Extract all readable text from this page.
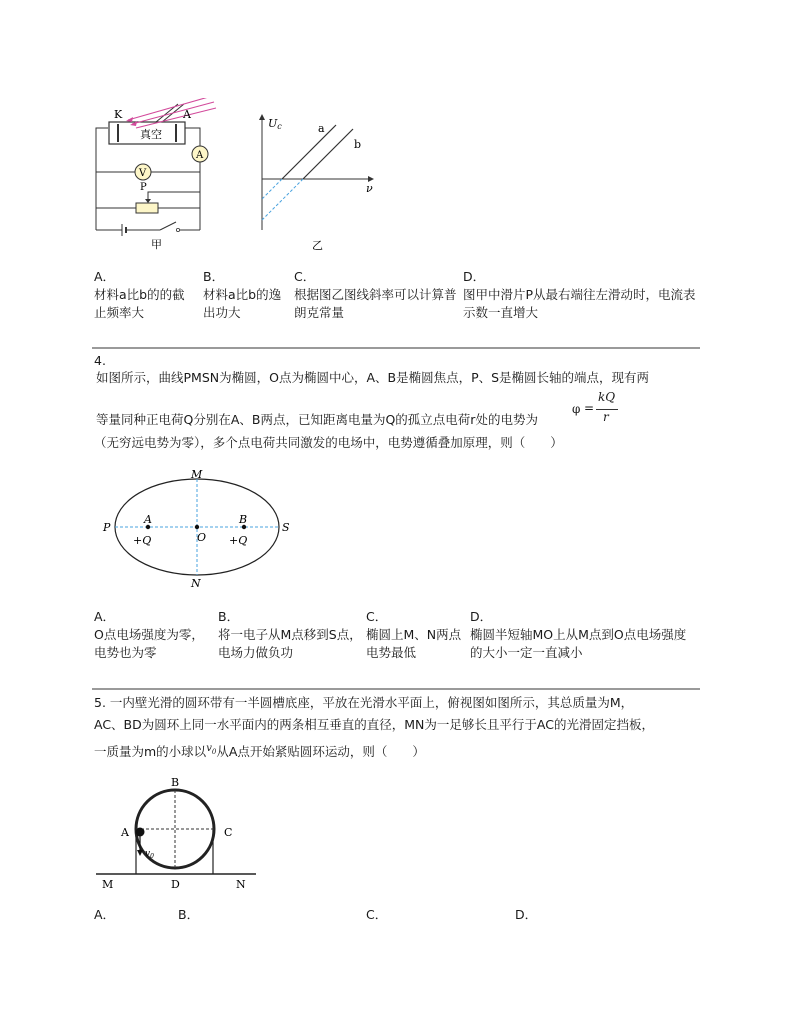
K	A
真空
A
V
P
甲
Uc
ν
a
b
乙
A．
材料a比b的的截止频率大
B．
材料a比b的逸出功大
C．
根据图乙图线斜率可以计算普朗克常量
D．
图甲中滑片P从最右端往左滑动时，电流表示数一直增大
4.
如图所示，曲线PMSN为椭圆，O点为椭圆中心，A、B是椭圆焦点，P、S是椭圆长轴的端点，现有两
等量同种正电荷Q分别在A、B两点，已知距离电量为Q的孤立点电荷r处的电势为
φ =
kQ
r
（无穷远电势为零），多个点电荷共同激发的电场中，电势遵循叠加原理，则（　　）
M
N
P	S
O
A	B
+Q	+Q
A．
O点电场强度为零，电势也为零
B．
将一电子从M点移到S点，电场力做负功
C．
椭圆上M、N两点电势最低
D．
椭圆半短轴MO上从M点到O点电场强度的大小一定一直减小
5. 一内壁光滑的圆环带有一半圆槽底座，平放在光滑水平面上，俯视图如图所示，其总质量为M，
AC、BD为圆环上同一水平面内的两条相互垂直的直径，MN为一足够长且平行于AC的光滑固定挡板，
一质量为m的小球以$^{v_0}$从A点开始紧贴圆环运动，则（　　）
$v_0$
A
B
C
D
M	N
A．	B．	C．	D．
